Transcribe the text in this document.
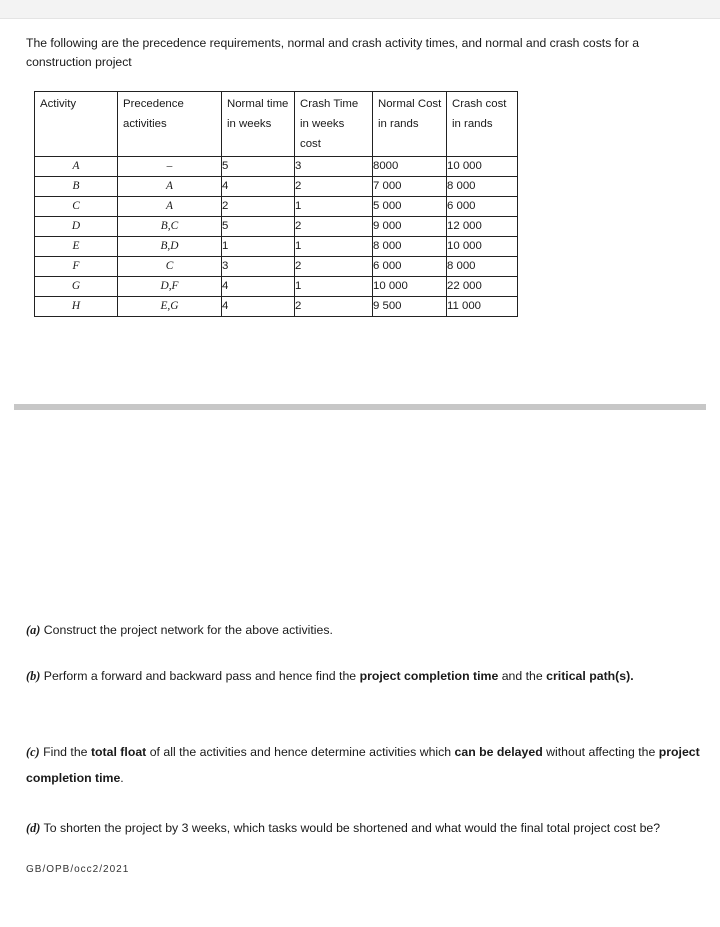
The following are the precedence requirements, normal and crash activity times, and normal and crash costs for a construction project
Activity	Precedence activities	Normal time in weeks	Crash Time in weeks cost	Normal Cost in rands	Crash cost in rands
A	–	5	3	8000	10 000
B	A	4	2	7 000	8 000
C	A	2	1	5 000	6 000
D	B,C	5	2	9 000	12 000
E	B,D	1	1	8 000	10 000
F	C	3	2	6 000	8 000
G	D,F	4	1	10 000	22 000
H	E,G	4	2	9 500	11 000
(a) Construct the project network for the above activities.
(b) Perform a forward and backward pass and hence find the project completion time and the critical path(s).
(c) Find the total float of all the activities and hence determine activities which can be delayed without affecting the project completion time.
(d) To shorten the project by 3 weeks, which tasks would be shortened and what would the final total project cost be?
GB/OPB/occ2/2021
